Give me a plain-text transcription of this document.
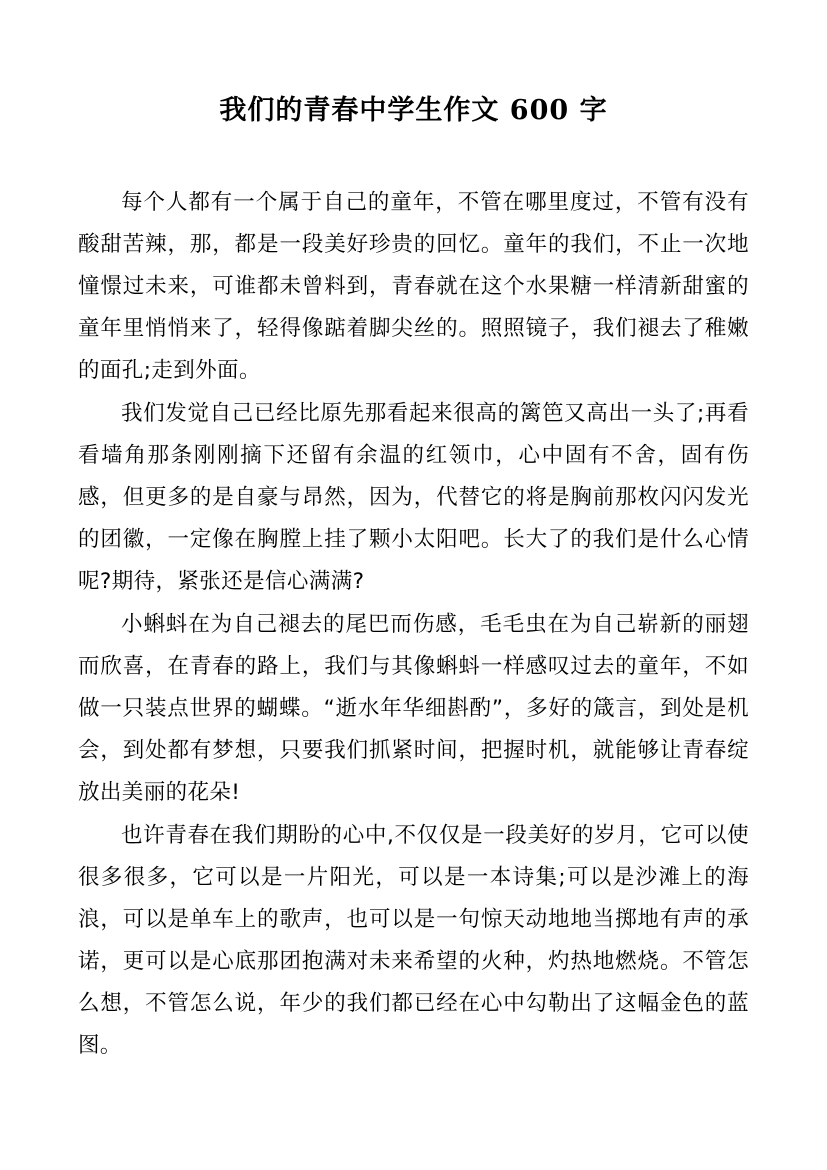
我们的青春中学生作文 600 字

每个人都有一个属于自己的童年，不管在哪里度过，不管有没有酸甜苦辣，那，都是一段美好珍贵的回忆。童年的我们，不止一次地憧憬过未来，可谁都未曾料到，青春就在这个水果糖一样清新甜蜜的童年里悄悄来了，轻得像踮着脚尖丝的。照照镜子，我们褪去了稚嫩的面孔;走到外面。

我们发觉自己已经比原先那看起来很高的篱笆又高出一头了;再看看墙角那条刚刚摘下还留有余温的红领巾，心中固有不舍，固有伤感，但更多的是自豪与昂然，因为，代替它的将是胸前那枚闪闪发光的团徽，一定像在胸膛上挂了颗小太阳吧。长大了的我们是什么心情呢?期待，紧张还是信心满满?

小蝌蚪在为自己褪去的尾巴而伤感，毛毛虫在为自己崭新的丽翅而欣喜，在青春的路上，我们与其像蝌蚪一样感叹过去的童年，不如做一只装点世界的蝴蝶。“逝水年华细斟酌”，多好的箴言，到处是机会，到处都有梦想，只要我们抓紧时间，把握时机，就能够让青春绽放出美丽的花朵!

也许青春在我们期盼的心中,不仅仅是一段美好的岁月，它可以使很多很多，它可以是一片阳光，可以是一本诗集;可以是沙滩上的海浪，可以是单车上的歌声，也可以是一句惊天动地地当掷地有声的承诺，更可以是心底那团抱满对未来希望的火种，灼热地燃烧。不管怎么想，不管怎么说，年少的我们都已经在心中勾勒出了这幅金色的蓝图。
